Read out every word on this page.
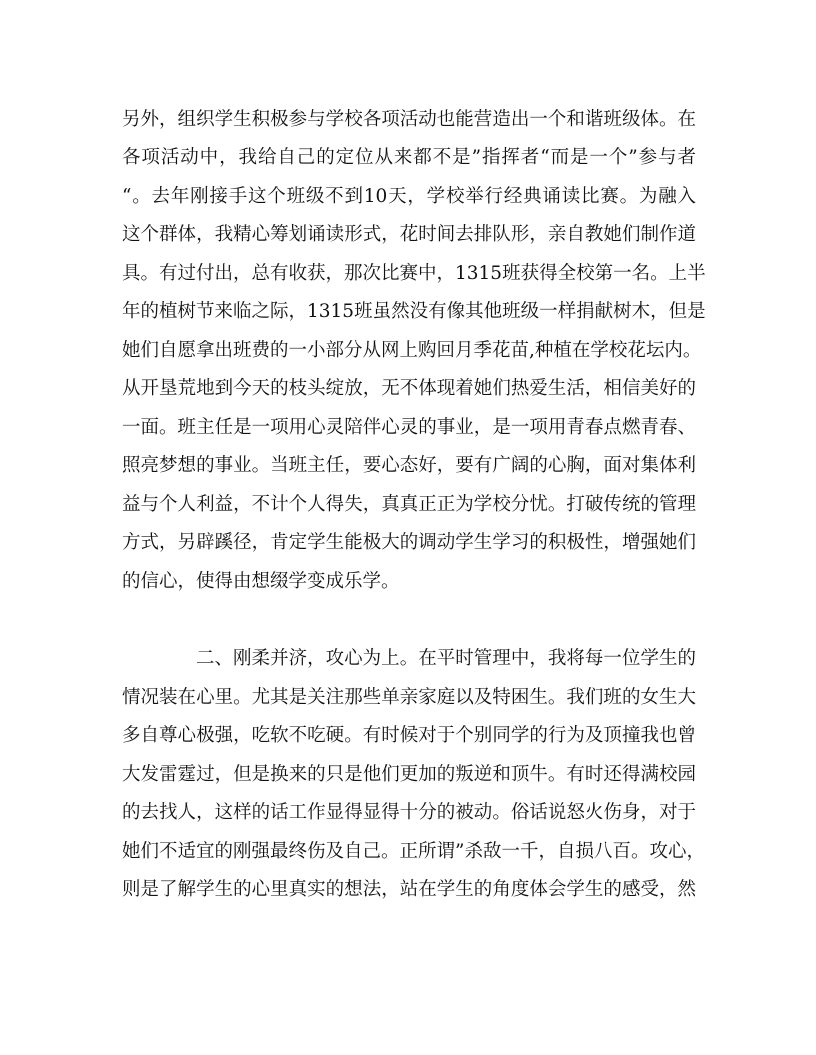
另外，组织学生积极参与学校各项活动也能营造出一个和谐班级体。在
各项活动中，我给自己的定位从来都不是”指挥者“而是一个”参与者
“。去年刚接手这个班级不到10天，学校举行经典诵读比赛。为融入
这个群体，我精心筹划诵读形式，花时间去排队形，亲自教她们制作道
具。有过付出，总有收获，那次比赛中，1315班获得全校第一名。上半
年的植树节来临之际，1315班虽然没有像其他班级一样捐献树木，但是
她们自愿拿出班费的一小部分从网上购回月季花苗,种植在学校花坛内。
从开垦荒地到今天的枝头绽放，无不体现着她们热爱生活，相信美好的
一面。班主任是一项用心灵陪伴心灵的事业，是一项用青春点燃青春、
照亮梦想的事业。当班主任，要心态好，要有广阔的心胸，面对集体利
益与个人利益，不计个人得失，真真正正为学校分忧。打破传统的管理
方式，另辟蹊径，肯定学生能极大的调动学生学习的积极性，增强她们
的信心，使得由想缀学变成乐学。
二、刚柔并济，攻心为上。在平时管理中，我将每一位学生的
情况装在心里。尤其是关注那些单亲家庭以及特困生。我们班的女生大
多自尊心极强，吃软不吃硬。有时候对于个别同学的行为及顶撞我也曾
大发雷霆过，但是换来的只是他们更加的叛逆和顶牛。有时还得满校园
的去找人，这样的话工作显得显得十分的被动。俗话说怒火伤身，对于
她们不适宜的刚强最终伤及自己。正所谓”杀敌一千，自损八百。攻心，
则是了解学生的心里真实的想法，站在学生的角度体会学生的感受，然
